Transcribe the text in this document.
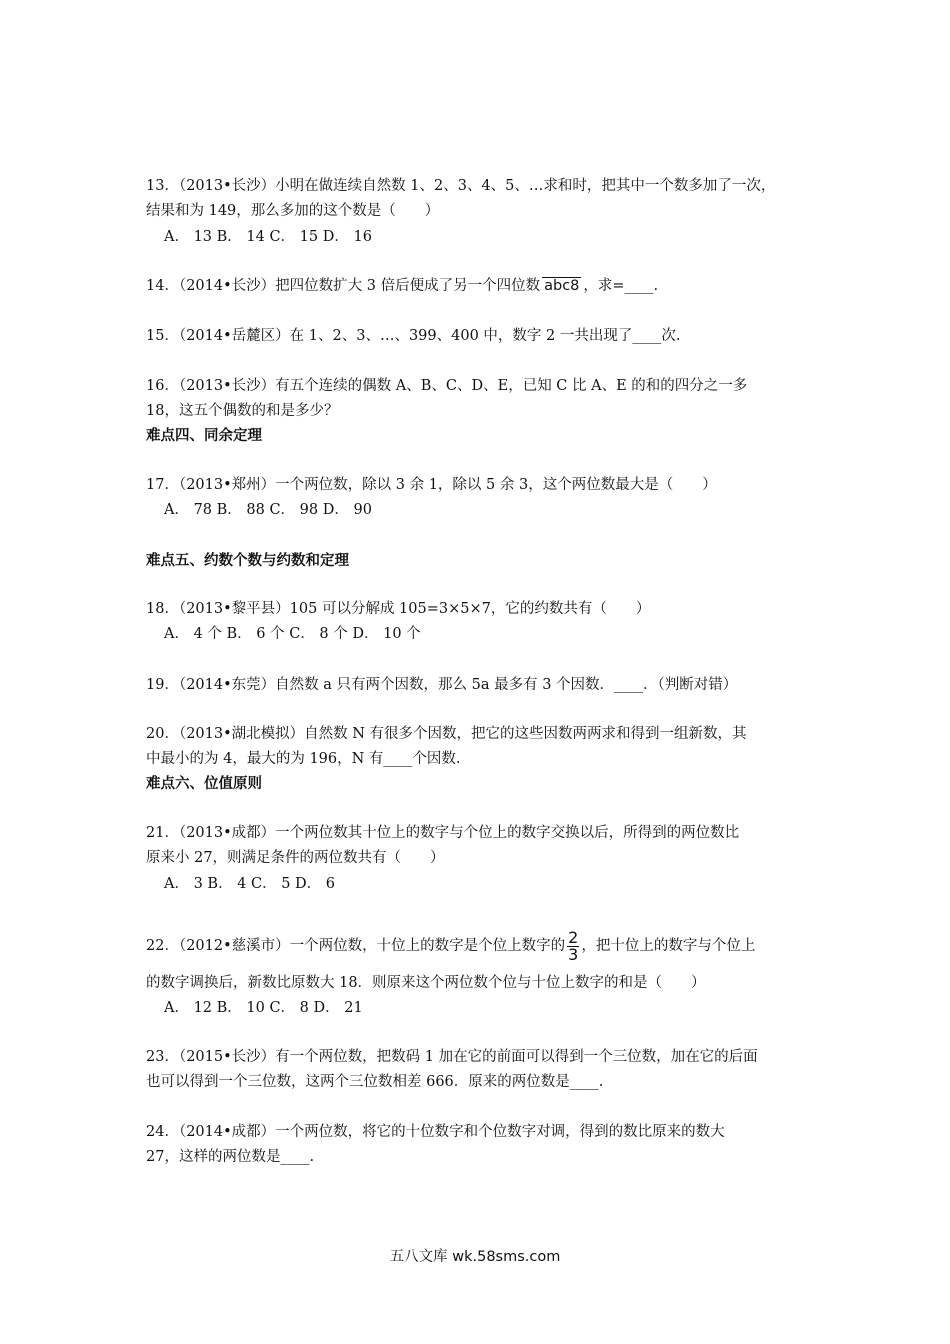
13．（2013•长沙）小明在做连续自然数 1、2、3、4、5、…求和时，把其中一个数多加了一次，
结果和为 149，那么多加的这个数是（　　）
A． 13 B． 14 C． 15 D． 16
14．（2014•长沙）把四位数扩大 3 倍后便成了另一个四位数 abc8 ，求=____.
15．（2014•岳麓区）在 1、2、3、…、399、400 中，数字 2 一共出现了____次.
16．（2013•长沙）有五个连续的偶数 A、B、C、D、E，已知 C 比 A、E 的和的四分之一多
18，这五个偶数的和是多少？
难点四、同余定理
17．（2013•郑州）一个两位数，除以 3 余 1，除以 5 余 3，这个两位数最大是（　　）
A． 78 B． 88 C． 98 D． 90
难点五、约数个数与约数和定理
18．（2013•黎平县）105 可以分解成 105=3×5×7，它的约数共有（　　）
A． 4 个 B． 6 个 C． 8 个 D． 10 个
19．（2014•东莞）自然数 a 只有两个因数，那么 5a 最多有 3 个因数．____．（判断对错）
20．（2013•湖北模拟）自然数 N 有很多个因数，把它的这些因数两两求和得到一组新数，其
中最小的为 4，最大的为 196，N 有____个因数.
难点六、位值原则
21．（2013•成都）一个两位数其十位上的数字与个位上的数字交换以后，所得到的两位数比
原来小 27，则满足条件的两位数共有（　　）
A． 3 B． 4 C． 5 D． 6
22．（2012•慈溪市）一个两位数，十位上的数字是个位上数字的 $\frac{2}{3}$ ，把十位上的数字与个位上
的数字调换后，新数比原数大 18．则原来这个两位数个位与十位上数字的和是（　　）
A． 12 B． 10 C． 8 D． 21
23．（2015•长沙）有一个两位数，把数码 1 加在它的前面可以得到一个三位数，加在它的后面
也可以得到一个三位数，这两个三位数相差 666．原来的两位数是____.
24．（2014•成都）一个两位数，将它的十位数字和个位数字对调，得到的数比原来的数大
27，这样的两位数是____.
五八文库 wk.58sms.com
